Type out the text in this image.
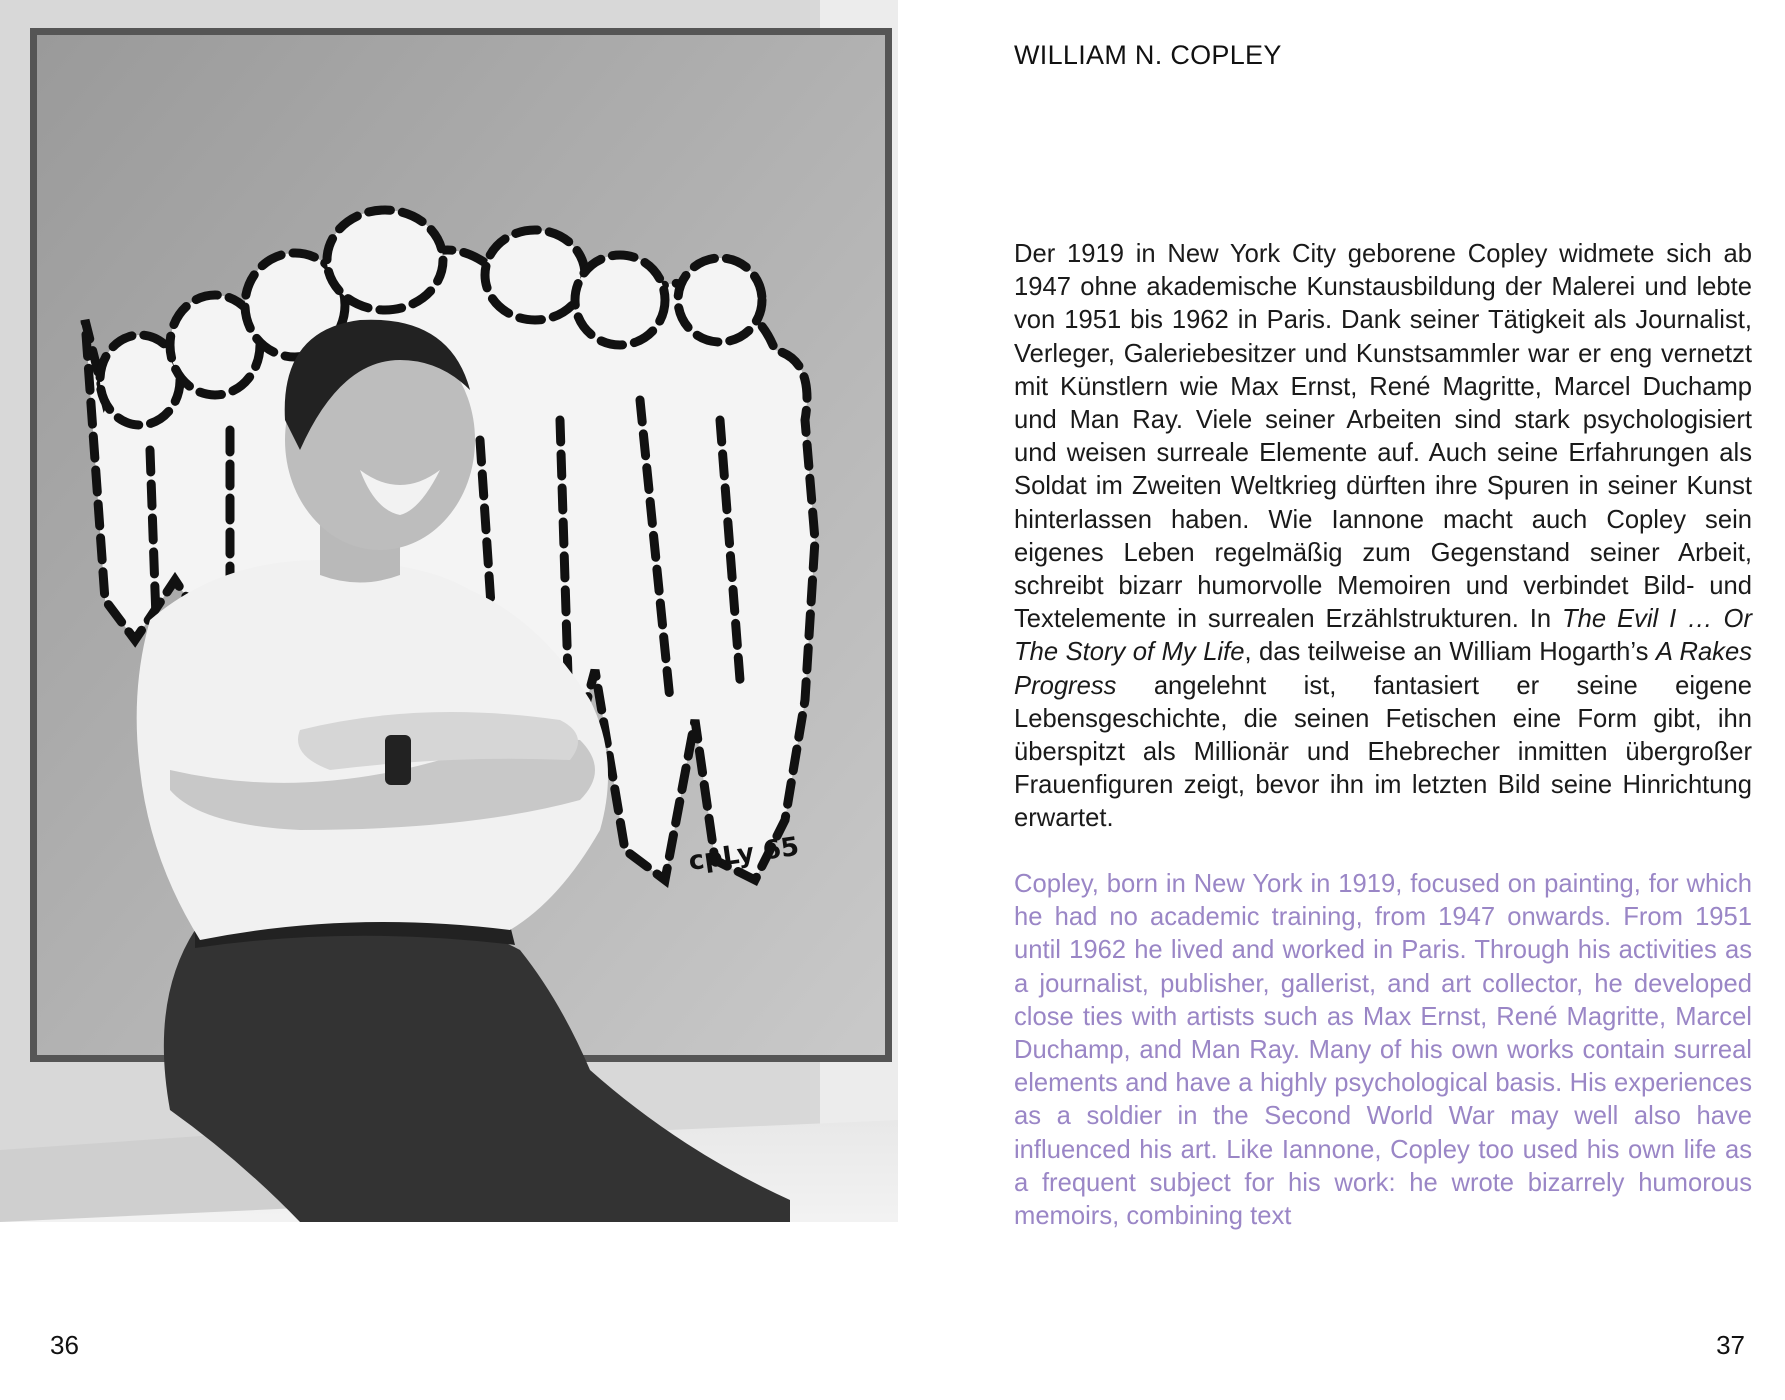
cpLy 65
36
WILLIAM N. COPLEY
Der 1919 in New York City geborene Copley widmete sich ab 1947 ohne akademische Kunstausbildung der Malerei und lebte von 1951 bis 1962 in Paris. Dank seiner Tätigkeit als Journalist, Verleger, Galeriebesitzer und Kunstsammler war er eng vernetzt mit Künstlern wie Max Ernst, René Magritte, Marcel Duchamp und Man Ray. Viele seiner Arbeiten sind stark psychologisiert und weisen surreale Elemente auf. Auch seine Erfahrungen als Soldat im Zweiten Weltkrieg dürften ihre Spuren in seiner Kunst hinterlassen haben. Wie Iannone macht auch Copley sein eigenes Leben regelmäßig zum Gegenstand seiner Arbeit, schreibt bizarr humorvolle Memoiren und verbindet Bild- und Textelemente in surrealen Erzählstrukturen. In The Evil I … Or The Story of My Life, das teilweise an William Hogarth’s A Rakes Progress angelehnt ist, fantasiert er seine eigene Lebensgeschichte, die seinen Fetischen eine Form gibt, ihn überspitzt als Millionär und Ehebrecher inmitten übergroßer Frauenfiguren zeigt, bevor ihn im letzten Bild seine Hinrichtung erwartet.
Copley, born in New York in 1919, focused on painting, for which he had no academic training, from 1947 onwards. From 1951 until 1962 he lived and worked in Paris. Through his activities as a journalist, publisher, gallerist, and art collector, he developed close ties with artists such as Max Ernst, René Magritte, Marcel Duchamp, and Man Ray. Many of his own works contain surreal elements and have a highly psychological basis. His experiences as a soldier in the Second World War may well also have influenced his art. Like Iannone, Copley too used his own life as a frequent subject for his work: he wrote bizarrely humorous memoirs, combining text
37
